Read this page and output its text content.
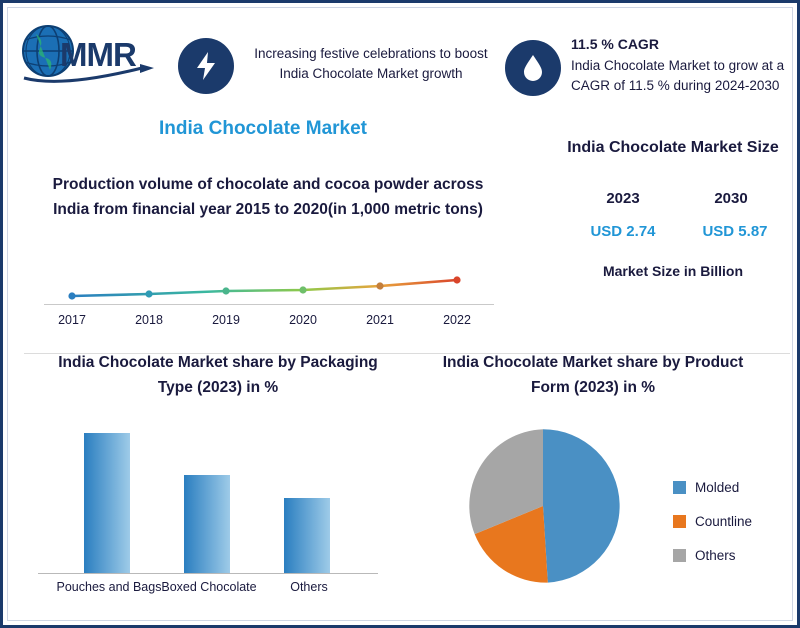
MMR	Increasing festive celebrations to boost India Chocolate Market growth
11.5 % CAGR
India Chocolate Market to grow at a CAGR of 11.5 % during 2024-2030
India Chocolate Market
Production volume of chocolate and cocoa powder across India from financial year 2015 to 2020(in 1,000 metric tons)
2017	2018	2019	2020	2021	2022
India Chocolate Market Size
2023	2030
USD 2.74	USD 5.87
Market Size in Billion
India Chocolate Market share by Packaging Type (2023) in %
Pouches and Bags Boxed Chocolate	Others
India Chocolate Market share by Product Form (2023) in %
Molded
Countline
Others
